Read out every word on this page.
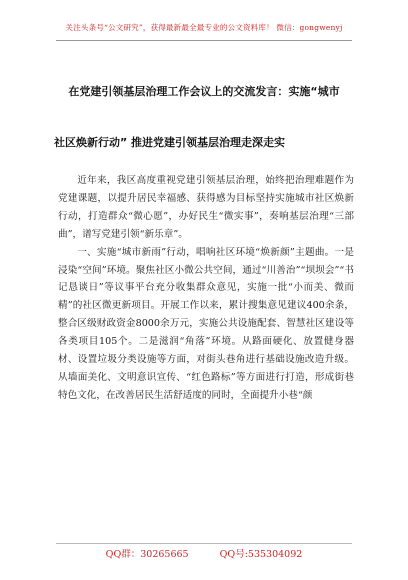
关注头条号“公文研究”，获得最新最全最专业的公文资料库！ 微信：gongwenyj
在党建引领基层治理工作会议上的交流发言：实施“城市
社区焕新行动” 推进党建引领基层治理走深走实

近年来，我区高度重视党建引领基层治理，始终把治理难题作为党建课题，以提升居民幸福感、获得感为目标坚持实施城市社区焕新行动，打造群众“微心愿”，办好民生“微实事”，奏响基层治理“三部曲”，谱写党建引领“新乐章”。

一、实施“城市新雨”行动，唱响社区环境“焕新颜”主题曲。一是浸染“空间”环境。聚焦社区小微公共空间，通过“川善治”“坝坝会”“书记恳谈日”等议事平台充分收集群众意见，实施一批“小而美、微而精”的社区微更新项目。开展工作以来，累计搜集意见建议400余条，整合区级财政资金8000余万元，实施公共设施配套、智慧社区建设等各类项目105个。二是滋润“角落”环境。从路面硬化、放置健身器材、设置垃圾分类设施等方面，对街头巷角进行基础设施改造升级。从墙面美化、文明意识宣传、“红色路标”等方面进行打造，形成街巷特色文化，在改善居民生活舒适度的同时，全面提升小巷“颜

QQ群：30265665	QQ号:535304092
